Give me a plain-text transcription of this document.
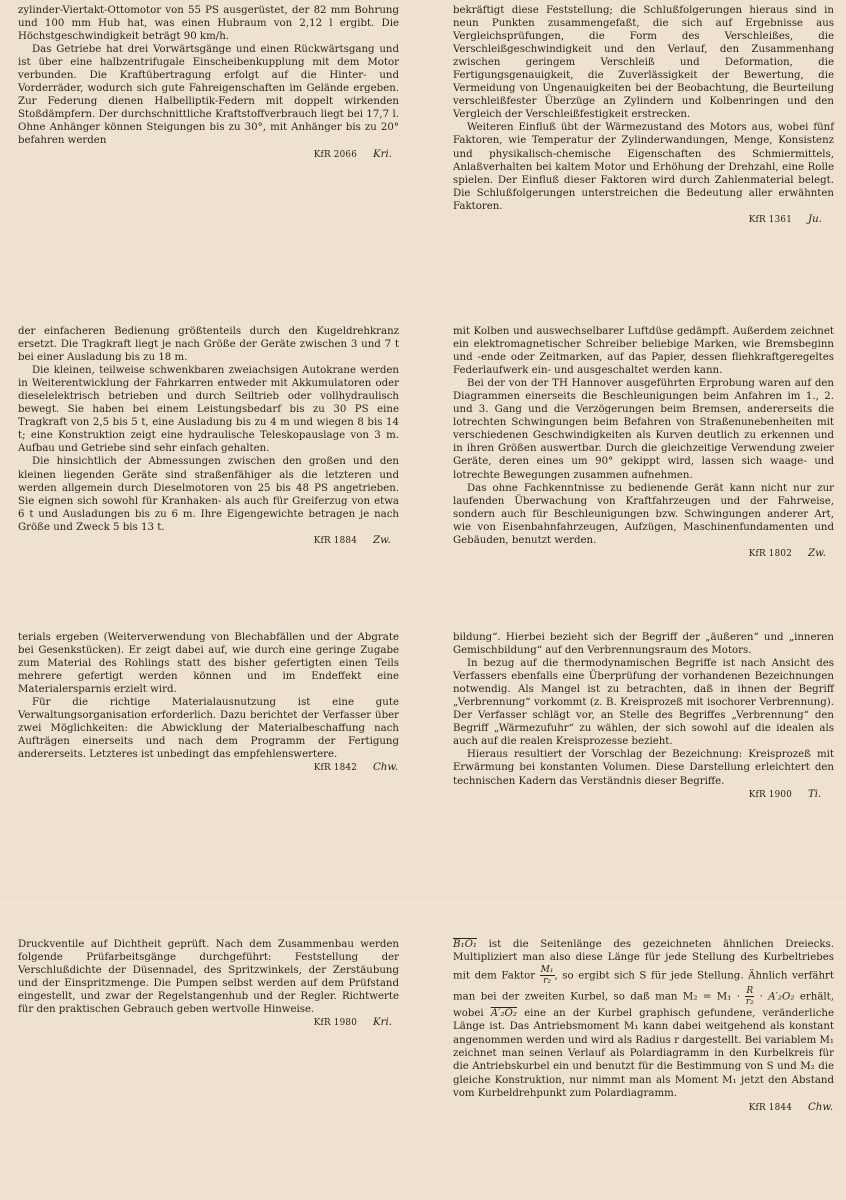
zylinder-Viertakt-Ottomotor von 55 PS ausgerüstet, der 82 mm Bohrung und 100 mm Hub hat, was einen Hubraum von 2,12 l ergibt. Die Höchstgeschwindigkeit beträgt 90 km/h.

Das Getriebe hat drei Vorwärtsgänge und einen Rückwärtsgang und ist über eine halbzentrifugale Einscheibenkupplung mit dem Motor verbunden. Die Kraftübertragung erfolgt auf die Hinter- und Vorderräder, wodurch sich gute Fahreigenschaften im Gelände ergeben. Zur Federung dienen Halbelliptik-Federn mit doppelt wirkenden Stoßdämpfern. Der durchschnittliche Kraftstoffverbrauch liegt bei 17,7 l. Ohne Anhänger können Steigungen bis zu 30°, mit Anhänger bis zu 20° befahren werden

KfR 2066 Kri.

bekräftigt diese Feststellung; die Schlußfolgerungen hieraus sind in neun Punkten zusammengefaßt, die sich auf Ergebnisse aus Vergleichsprüfungen, die Form des Verschleißes, die Verschleißgeschwindigkeit und den Verlauf, den Zusammenhang zwischen geringem Verschleiß und Deformation, die Fertigungsgenauigkeit, die Zuverlässigkeit der Bewertung, die Vermeidung von Ungenauigkeiten bei der Beobachtung, die Beurteilung verschleißfester Überzüge an Zylindern und Kolbenringen und den Vergleich der Verschleißfestigkeit erstrecken.

Weiteren Einfluß übt der Wärmezustand des Motors aus, wobei fünf Faktoren, wie Temperatur der Zylinderwandungen, Menge, Konsistenz und physikalisch-chemische Eigenschaften des Schmiermittels, Anlaßverhalten bei kaltem Motor und Erhöhung der Drehzahl, eine Rolle spielen. Der Einfluß dieser Faktoren wird durch Zahlenmaterial belegt. Die Schlußfolgerungen unterstreichen die Bedeutung aller erwähnten Faktoren.

KfR 1361 Ju.

der einfacheren Bedienung größtenteils durch den Kugeldrehkranz ersetzt. Die Tragkraft liegt je nach Größe der Geräte zwischen 3 und 7 t bei einer Ausladung bis zu 18 m.

Die kleinen, teilweise schwenkbaren zweiachsigen Autokrane werden in Weiterentwicklung der Fahrkarren entweder mit Akkumulatoren oder dieselelektrisch betrieben und durch Seiltrieb oder vollhydraulisch bewegt. Sie haben bei einem Leistungsbedarf bis zu 30 PS eine Tragkraft von 2,5 bis 5 t, eine Ausladung bis zu 4 m und wiegen 8 bis 14 t; eine Konstruktion zeigt eine hydraulische Teleskopauslage von 3 m. Aufbau und Getriebe sind sehr einfach gehalten.

Die hinsichtlich der Abmessungen zwischen den großen und den kleinen liegenden Geräte sind straßenfähiger als die letzteren und werden allgemein durch Dieselmotoren von 25 bis 48 PS angetrieben. Sie eignen sich sowohl für Kranhaken- als auch für Greiferzug von etwa 6 t und Ausladungen bis zu 6 m. Ihre Eigengewichte betragen je nach Größe und Zweck 5 bis 13 t.

KfR 1884 Zw.

mit Kolben und auswechselbarer Luftdüse gedämpft. Außerdem zeichnet ein elektromagnetischer Schreiber beliebige Marken, wie Bremsbeginn und -ende oder Zeitmarken, auf das Papier, dessen fliehkraftgeregeltes Federlaufwerk ein- und ausgeschaltet werden kann.

Bei der von der TH Hannover ausgeführten Erprobung waren auf den Diagrammen einerseits die Beschleunigungen beim Anfahren im 1., 2. und 3. Gang und die Verzögerungen beim Bremsen, andererseits die lotrechten Schwingungen beim Befahren von Straßenunebenheiten mit verschiedenen Geschwindigkeiten als Kurven deutlich zu erkennen und in ihren Größen auswertbar. Durch die gleichzeitige Verwendung zweier Geräte, deren eines um 90° gekippt wird, lassen sich waage- und lotrechte Bewegungen zusammen aufnehmen.

Das ohne Fachkenntnisse zu bedienende Gerät kann nicht nur zur laufenden Überwachung von Kraftfahrzeugen und der Fahrweise, sondern auch für Beschleunigungen bzw. Schwingungen anderer Art, wie von Eisenbahnfahrzeugen, Aufzügen, Maschinenfundamenten und Gebäuden, benutzt werden.

KfR 1802 Zw.

terials ergeben (Weiterverwendung von Blechabfällen und der Abgrate bei Gesenkstücken). Er zeigt dabei auf, wie durch eine geringe Zugabe zum Material des Rohlings statt des bisher gefertigten einen Teils mehrere gefertigt werden können und im Endeffekt eine Materialersparnis erzielt wird.

Für die richtige Materialausnutzung ist eine gute Verwaltungsorganisation erforderlich. Dazu berichtet der Verfasser über zwei Möglichkeiten: die Abwicklung der Materialbeschaffung nach Aufträgen einerseits und nach dem Programm der Fertigung andererseits. Letzteres ist unbedingt das empfehlenswertere.

KfR 1842 Chw.

bildung“. Hierbei bezieht sich der Begriff der „äußeren“ und „inneren Gemischbildung“ auf den Verbrennungsraum des Motors.

In bezug auf die thermodynamischen Begriffe ist nach Ansicht des Verfassers ebenfalls eine Überprüfung der vorhandenen Bezeichnungen notwendig. Als Mangel ist zu betrachten, daß in ihnen der Begriff „Verbrennung“ vorkommt (z. B. Kreisprozeß mit isochorer Verbrennung). Der Verfasser schlägt vor, an Stelle des Begriffes „Verbrennung“ den Begriff „Wärmezufuhr“ zu wählen, der sich sowohl auf die idealen als auch auf die realen Kreisprozesse bezieht.

Hieraus resultiert der Vorschlag der Bezeichnung: Kreisprozeß mit Erwärmung bei konstanten Volumen. Diese Darstellung erleichtert den technischen Kadern das Verständnis dieser Begriffe.

KfR 1900 Ti.

Druckventile auf Dichtheit geprüft. Nach dem Zusammenbau werden folgende Prüfarbeitsgänge durchgeführt: Feststellung der Verschlußdichte der Düsennadel, des Spritzwinkels, der Zerstäubung und der Einspritzmenge. Die Pumpen selbst werden auf dem Prüfstand eingestellt, und zwar der Regelstangenhub und der Regler. Richtwerte für den praktischen Gebrauch geben wertvolle Hinweise.

KfR 1980 Kri.

B₁O₁ ist die Seitenlänge des gezeichneten ähnlichen Dreiecks. Multipliziert man also diese Länge für jede Stellung des Kurbeltriebes mit dem Faktor $\frac{\text{M₁}}{\text{r₂}}$ , so ergibt sich S für jede Stellung. Ähnlich verfährt man bei der zweiten Kurbel, so daß man $M_2 = M_1 \cdot \frac{R}{\text{r₂}} \cdot A'_2O_2$ erhält, wobei A′₂O₂ eine an der Kurbel graphisch gefundene, veränderliche Länge ist. Das Antriebsmoment M₁ kann dabei weitgehend als konstant angenommen werden und wird als Radius r dargestellt. Bei variablem M₁ zeichnet man seinen Verlauf als Polardiagramm in den Kurbelkreis für die Antriebskurbel ein und benutzt für die Bestimmung von S und M₂ die gleiche Konstruktion, nur nimmt man als Moment M₁ jetzt den Abstand vom Kurbeldrehpunkt zum Polardiagramm.

KfR 1844 Chw.
